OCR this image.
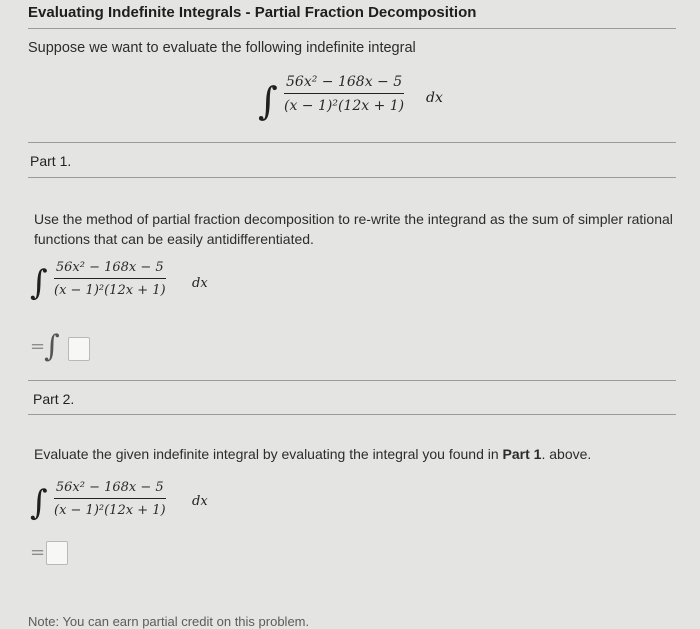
Evaluating Indefinite Integrals - Partial Fraction Decomposition
Suppose we want to evaluate the following indefinite integral
∫ 56x² − 168x − 5
(x − 1)²(12x + 1) dx
Part 1.
Use the method of partial fraction decomposition to re-write the integrand as the sum of simpler rational functions that can be easily antidifferentiated.
∫ 56x² − 168x − 5
(x − 1)²(12x + 1) dx
=
∫
Part 2.
Evaluate the given indefinite integral by evaluating the integral you found in Part 1. above.
∫ 56x² − 168x − 5
(x − 1)²(12x + 1)
dx
=
Note: You can earn partial credit on this problem.
